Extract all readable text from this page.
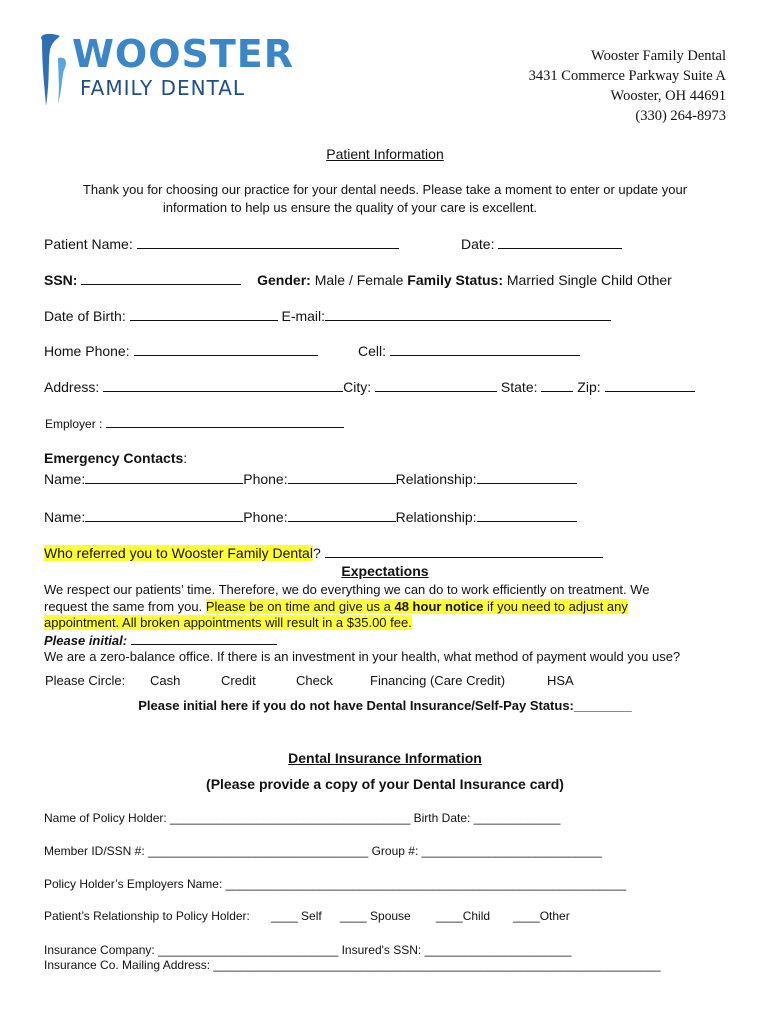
WOOSTER
FAMILY DENTAL
Wooster Family Dental
3431 Commerce Parkway Suite A
Wooster, OH 44691
(330) 264-8973
Patient Information
Thank you for choosing our practice for your dental needs. Please take a moment to enter or update your
information to help us ensure the quality of your care is excellent.
Patient Name:	Date:
SSN:	Gender: Male / Female Family Status: Married Single Child Other
Date of Birth:	E-mail:
Home Phone:	Cell:
Address:	City:	State:	Zip:
Employer :
Emergency Contacts:
Name:	Phone:	Relationship:
Name:	Phone:	Relationship:
Who referred you to Wooster Family Dental?
Expectations
We respect our patients’ time. Therefore, we do everything we can do to work efficiently on treatment. We
request the same from you. Please be on time and give us a 48 hour notice if you need to adjust any
appointment. All broken appointments will result in a $35.00 fee.
Please initial:
We are a zero-balance office. If there is an investment in your health, what method of payment would you use?
Please Circle: Cash	Credit	Check	Financing (Care Credit)	HSA
Please initial here if you do not have Dental Insurance/Self-Pay Status:________
Dental Insurance Information
(Please provide a copy of your Dental Insurance card)
Name of Policy Holder: ____________________________________ Birth Date: _____________
Member ID/SSN #: _________________________________ Group #: ___________________________
Policy Holder’s Employers Name: ____________________________________________________________
Patient’s Relationship to Policy Holder: ____ Self ____ Spouse ____Child ____Other
Insurance Company: ___________________________ Insured's SSN: ______________________
Insurance Co. Mailing Address: ___________________________________________________________________
